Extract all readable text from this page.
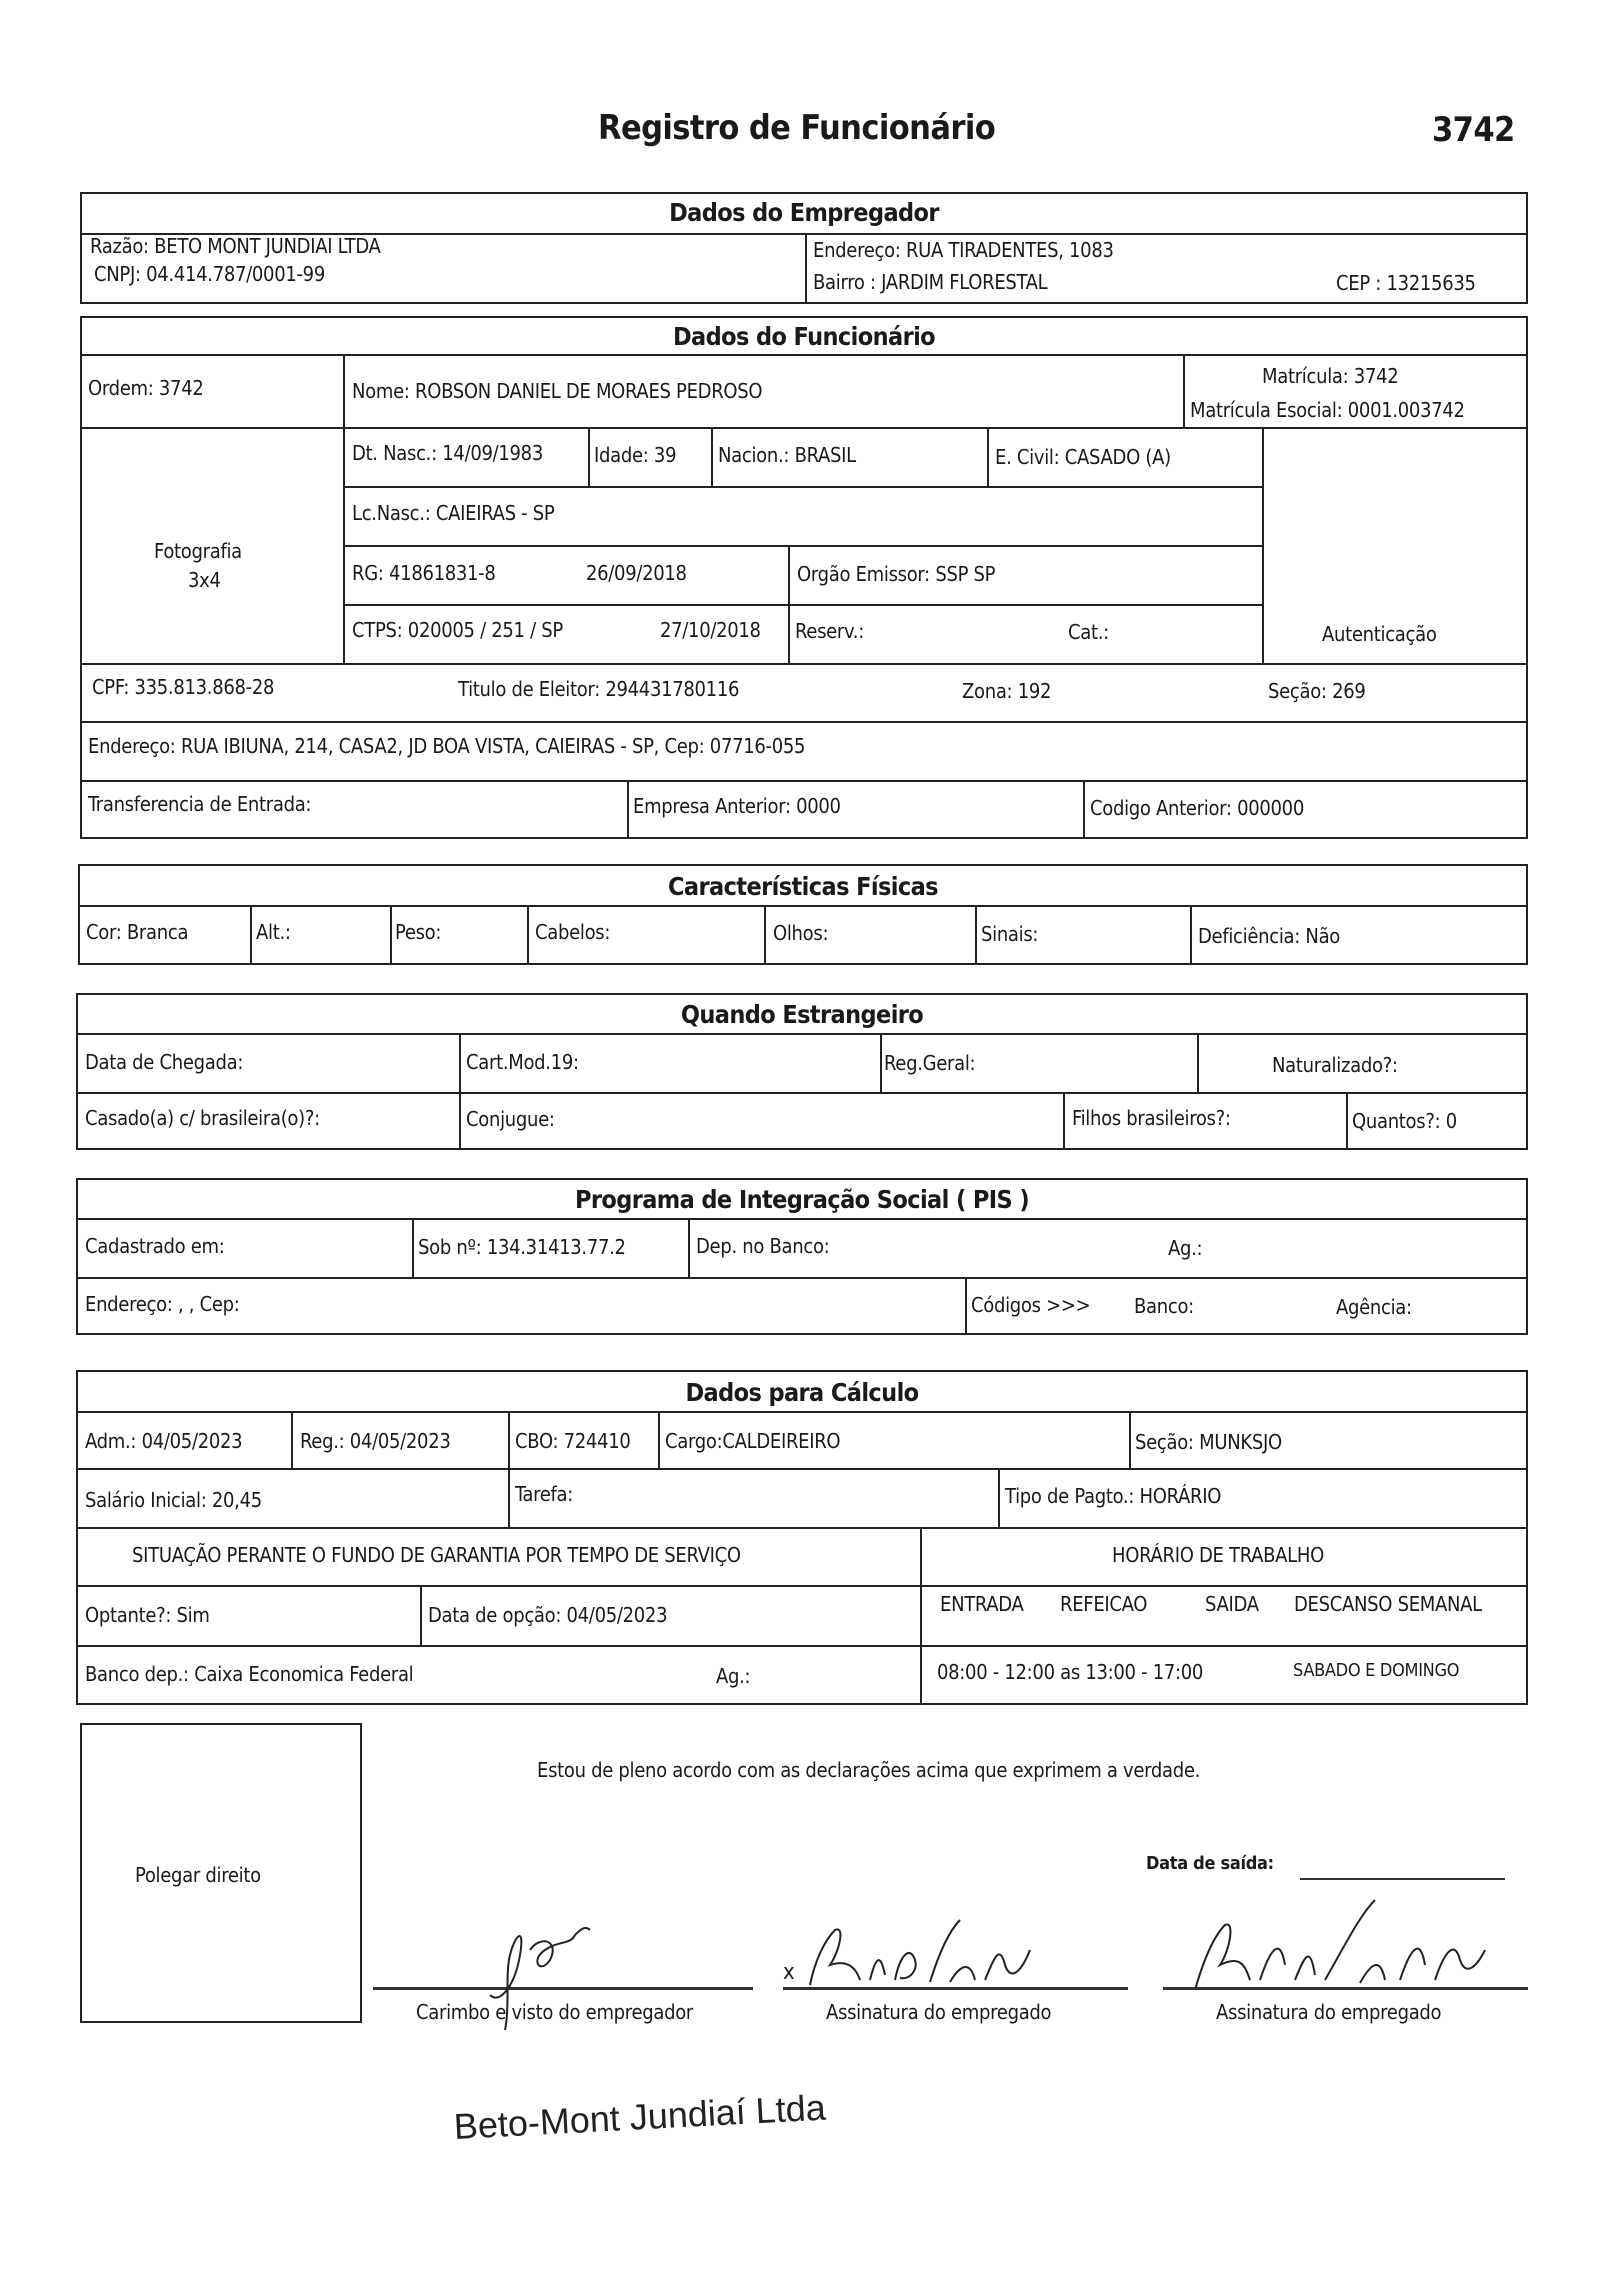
Registro de Funcionário	3742
Dados do Empregador
Razão: BETO MONT JUNDIAI LTDA
CNPJ: 04.414.787/0001-99
Endereço: RUA TIRADENTES, 1083
Bairro : JARDIM FLORESTAL	CEP : 13215635
Dados do Funcionário
Ordem: 3742	Nome: ROBSON DANIEL DE MORAES PEDROSO
Matrícula: 3742
Matrícula Esocial: 0001.003742
Fotografia
3x4
Dt. Nasc.: 14/09/1983	Idade: 39 Nacion.: BRASIL	E. Civil: CASADO (A)
Lc.Nasc.: CAIEIRAS - SP
RG: 41861831-8	26/09/2018	Orgão Emissor: SSP SP
CTPS: 020005 / 251 / SP	27/10/2018 Reserv.:	Cat.:	Autenticação
CPF: 335.813.868-28	Titulo de Eleitor: 294431780116	Zona: 192	Seção: 269
Endereço: RUA IBIUNA, 214, CASA2, JD BOA VISTA, CAIEIRAS - SP, Cep: 07716-055
Transferencia de Entrada:	Empresa Anterior: 0000	Codigo Anterior: 000000
Características Físicas
Cor: Branca	Alt.:	Peso:	Cabelos:	Olhos:	Sinais:	Deficiência: Não
Quando Estrangeiro
Data de Chegada:	Cart.Mod.19:	Reg.Geral:	Naturalizado?:
Casado(a) c/ brasileira(o)?:	Conjugue:	Filhos brasileiros?:	Quantos?: 0
Programa de Integração Social ( PIS )
Cadastrado em:	Sob nº: 134.31413.77.2	Dep. no Banco:	Ag.:
Endereço: , , Cep:	Códigos >>> Banco:	Agência:
Dados para Cálculo
Adm.: 04/05/2023	Reg.: 04/05/2023	CBO: 724410 Cargo:CALDEIREIRO	Seção: MUNKSJO
Salário Inicial: 20,45	Tarefa:	Tipo de Pagto.: HORÁRIO
SITUAÇÃO PERANTE O FUNDO DE GARANTIA POR TEMPO DE SERVIÇO	HORÁRIO DE TRABALHO
Optante?: Sim	Data de opção: 04/05/2023	ENTRADA REFEICAO	SAIDA DESCANSO SEMANAL
Banco dep.: Caixa Economica Federal	Ag.:	08:00 - 12:00 as 13:00 - 17:00	SABADO E DOMINGO
Polegar direito
Estou de pleno acordo com as declarações acima que exprimem a verdade.
Data de saída:
x
Carimbo e visto do empregador	Assinatura do empregado	Assinatura do empregado
Beto-Mont Jundiaí Ltda
